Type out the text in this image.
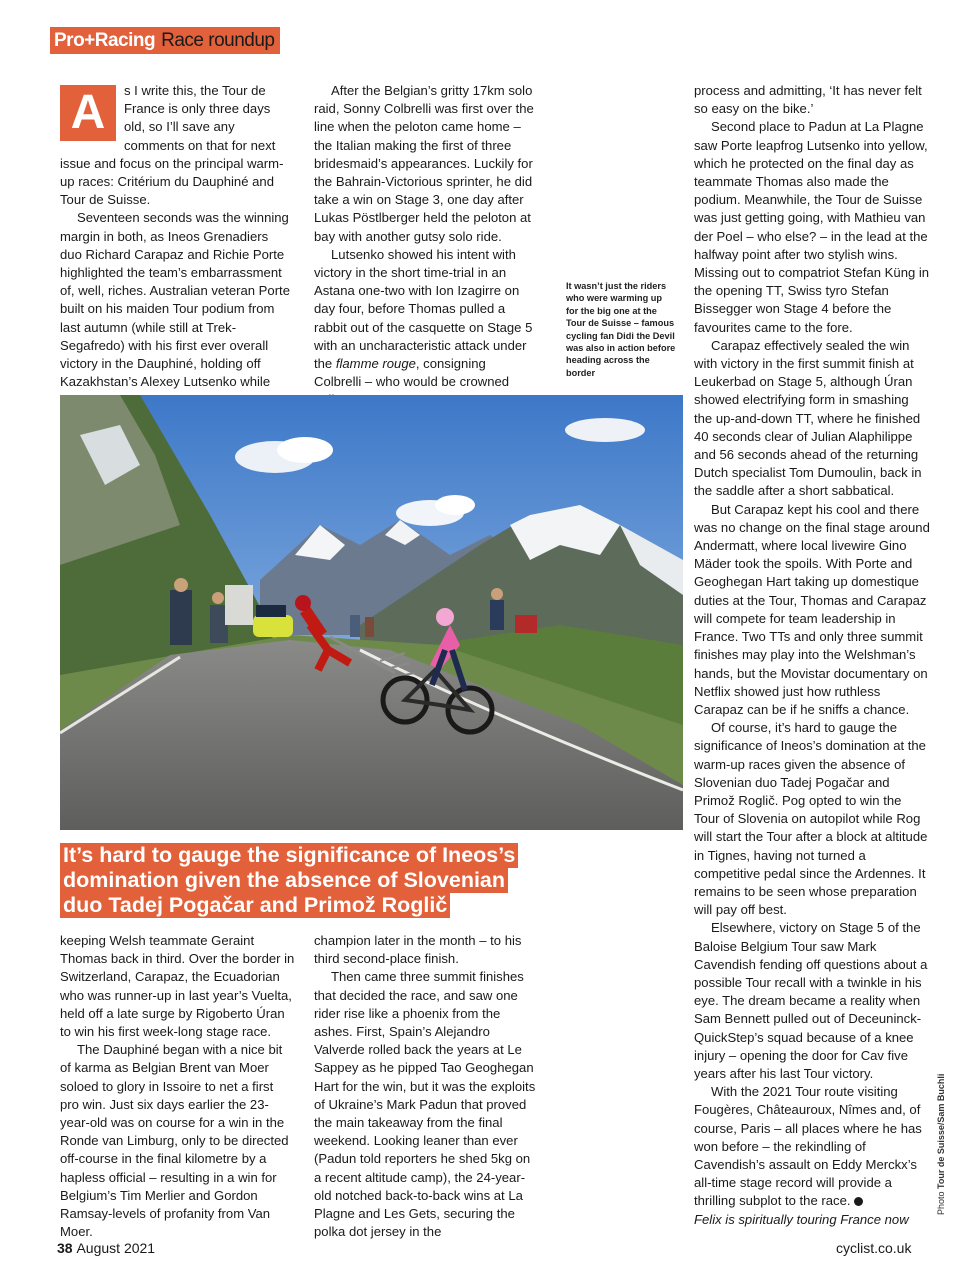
Pro+Racing Race roundup
A	s I write this, the Tour de France is only three days old, so I’ll save any comments on that for next issue and focus on the principal warm-up races: Critérium du Dauphiné and Tour de Suisse.

Seventeen seconds was the winning margin in both, as Ineos Grenadiers duo Richard Carapaz and Richie Porte highlighted the team’s embarrassment of, well, riches. Australian veteran Porte built on his maiden Tour podium from last autumn (while still at Trek-Segafredo) with his first ever overall victory in the Dauphiné, holding off Kazakhstan’s Alexey Lutsenko while

After the Belgian’s gritty 17km solo raid, Sonny Colbrelli was first over the line when the peloton came home – the Italian making the first of three bridesmaid’s appearances. Luckily for the Bahrain-Victorious sprinter, he did take a win on Stage 3, one day after Lukas Pöstlberger held the peloton at bay with another gutsy solo ride.

Lutsenko showed his intent with victory in the short time-trial in an Astana one-two with Ion Izagirre on day four, before Thomas pulled a rabbit out of the casquette on Stage 5 with an uncharacteristic attack under the flamme rouge, consigning Colbrelli – who would be crowned

It wasn’t just the riders who were warming up for the big one at the Tour de Suisse – famous cycling fan Didi the Devil was also in action before heading across the border
It’s hard to gauge the significance of Ineos’s
domination given the absence of Slovenian
duo Tadej Pogačar and Primož Roglič

keeping Welsh teammate Geraint Thomas back in third. Over the border in Switzerland, Carapaz, the Ecuadorian who was runner-up in last year’s Vuelta, held off a late surge by Rigoberto Úran to win his first week-long stage race.

The Dauphiné began with a nice bit of karma as Belgian Brent van Moer soloed to glory in Issoire to net a first pro win. Just six days earlier the 23-year-old was on course for a win in the Ronde van Limburg, only to be directed off-course in the final kilometre by a hapless official – resulting in a win for Belgium’s Tim Merlier and Gordon Ramsay-levels of profanity from Van Moer.

champion later in the month – to his third second-place finish.

Then came three summit finishes that decided the race, and saw one rider rise like a phoenix from the ashes. First, Spain’s Alejandro Valverde rolled back the years at Le Sappey as he pipped Tao Geoghegan Hart for the win, but it was the exploits of Ukraine’s Mark Padun that proved the main takeaway from the final weekend. Looking leaner than ever (Padun told reporters he shed 5kg on a recent altitude camp), the 24-year-old notched back-to-back wins at La Plagne and Les Gets, securing the polka dot jersey in the

process and admitting, ‘It has never felt so easy on the bike.’

Second place to Padun at La Plagne saw Porte leapfrog Lutsenko into yellow, which he protected on the final day as teammate Thomas also made the podium. Meanwhile, the Tour de Suisse was just getting going, with Mathieu van der Poel – who else? – in the lead at the halfway point after two stylish wins. Missing out to compatriot Stefan Küng in the opening TT, Swiss tyro Stefan Bissegger won Stage 4 before the favourites came to the fore.

Carapaz effectively sealed the win with victory in the first summit finish at Leukerbad on Stage 5, although Úran showed electrifying form in smashing the up-and-down TT, where he finished 40 seconds clear of Julian Alaphilippe and 56 seconds ahead of the returning Dutch specialist Tom Dumoulin, back in the saddle after a short sabbatical.

But Carapaz kept his cool and there was no change on the final stage around Andermatt, where local livewire Gino Mäder took the spoils. With Porte and Geoghegan Hart taking up domestique duties at the Tour, Thomas and Carapaz will compete for team leadership in France. Two TTs and only three summit finishes may play into the Welshman’s hands, but the Movistar documentary on Netflix showed just how ruthless Carapaz can be if he sniffs a chance.

Of course, it’s hard to gauge the significance of Ineos’s domination at the warm-up races given the absence of Slovenian duo Tadej Pogačar and Primož Roglič. Pog opted to win the Tour of Slovenia on autopilot while Rog will start the Tour after a block at altitude in Tignes, having not turned a competitive pedal since the Ardennes. It remains to be seen whose preparation will pay off best.

Elsewhere, victory on Stage 5 of the Baloise Belgium Tour saw Mark Cavendish fending off questions about a possible Tour recall with a twinkle in his eye. The dream became a reality when Sam Bennett pulled out of Deceuninck-QuickStep’s squad because of a knee injury – opening the door for Cav five years after his last Tour victory.

With the 2021 Tour route visiting Fougères, Châteauroux, Nîmes and, of course, Paris – all places where he has won before – the rekindling of Cavendish’s assault on Eddy Merckx’s all-time stage record will provide a thrilling subplot to the race.

Felix is spiritually touring France now

Photo Tour de Suisse/Sam Buchli
38 August 2021	cyclist.co.uk
